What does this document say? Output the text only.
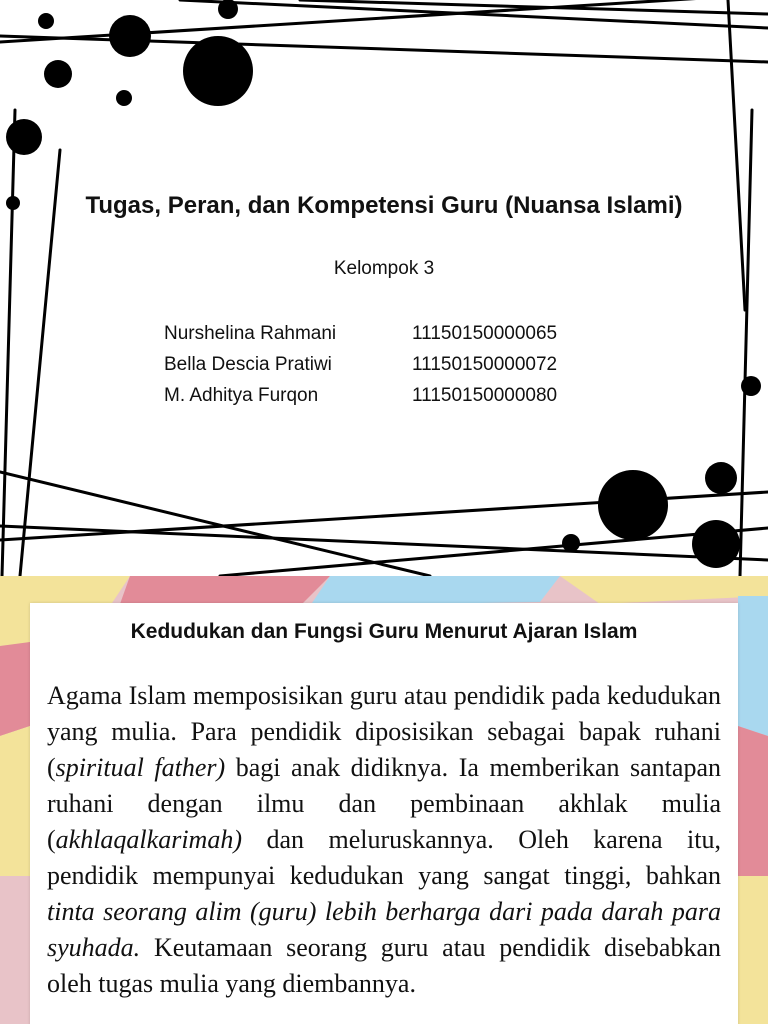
Tugas, Peran, dan Kompetensi Guru (Nuansa Islami)
Kelompok 3
Nurshelina Rahmani	11150150000065
Bella Descia Pratiwi	11150150000072
M. Adhitya Furqon	11150150000080
Kedudukan dan Fungsi Guru Menurut Ajaran Islam

Agama Islam memposisikan guru atau pendidik pada kedudukan yang mulia. Para pendidik diposisikan sebagai bapak ruhani (spiritual father) bagi anak didiknya. Ia memberikan santapan ruhani dengan ilmu dan pembinaan akhlak mulia (akhlaqalkarimah) dan meluruskannya. Oleh karena itu, pendidik mempunyai kedudukan yang sangat tinggi, bahkan tinta seorang alim (guru) lebih berharga dari pada darah para syuhada. Keutamaan seorang guru atau pendidik disebabkan oleh tugas mulia yang diembannya.
